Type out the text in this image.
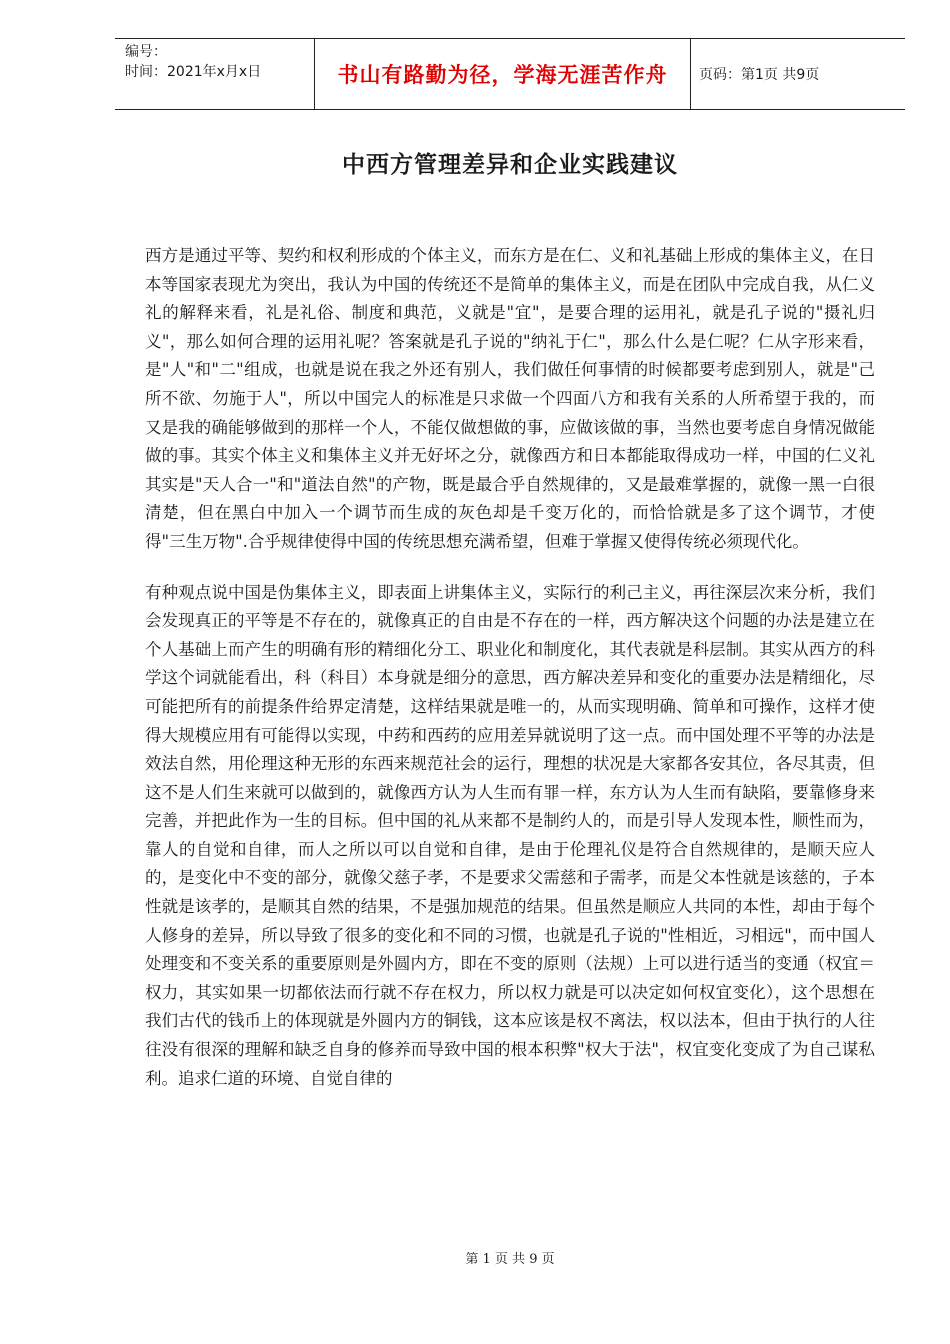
编号：
时间：2021年x月x日	书山有路勤为径，学海无涯苦作舟	页码：第1页 共9页
中西方管理差异和企业实践建议

西方是通过平等、契约和权利形成的个体主义，而东方是在仁、义和礼基础上形成的集体主义，在日本等国家表现尤为突出，我认为中国的传统还不是简单的集体主义，而是在团队中完成自我，从仁义礼的解释来看，礼是礼俗、制度和典范，义就是"宜"，是要合理的运用礼，就是孔子说的"摄礼归义"，那么如何合理的运用礼呢？答案就是孔子说的"纳礼于仁"，那么什么是仁呢？仁从字形来看，是"人"和"二"组成，也就是说在我之外还有别人，我们做任何事情的时候都要考虑到别人，就是"己所不欲、勿施于人"，所以中国完人的标准是只求做一个四面八方和我有关系的人所希望于我的，而又是我的确能够做到的那样一个人，不能仅做想做的事，应做该做的事，当然也要考虑自身情况做能做的事。其实个体主义和集体主义并无好坏之分，就像西方和日本都能取得成功一样，中国的仁义礼其实是"天人合一"和"道法自然"的产物，既是最合乎自然规律的，又是最难掌握的，就像一黑一白很清楚，但在黑白中加入一个调节而生成的灰色却是千变万化的，而恰恰就是多了这个调节，才使得"三生万物".合乎规律使得中国的传统思想充满希望，但难于掌握又使得传统必须现代化。

有种观点说中国是伪集体主义，即表面上讲集体主义，实际行的利己主义，再往深层次来分析，我们会发现真正的平等是不存在的，就像真正的自由是不存在的一样，西方解决这个问题的办法是建立在个人基础上而产生的明确有形的精细化分工、职业化和制度化，其代表就是科层制。其实从西方的科学这个词就能看出，科（科目）本身就是细分的意思，西方解决差异和变化的重要办法是精细化，尽可能把所有的前提条件给界定清楚，这样结果就是唯一的，从而实现明确、简单和可操作，这样才使得大规模应用有可能得以实现，中药和西药的应用差异就说明了这一点。而中国处理不平等的办法是效法自然，用伦理这种无形的东西来规范社会的运行，理想的状况是大家都各安其位，各尽其责，但这不是人们生来就可以做到的，就像西方认为人生而有罪一样，东方认为人生而有缺陷，要靠修身来完善，并把此作为一生的目标。但中国的礼从来都不是制约人的，而是引导人发现本性，顺性而为，靠人的自觉和自律，而人之所以可以自觉和自律，是由于伦理礼仪是符合自然规律的，是顺天应人的，是变化中不变的部分，就像父慈子孝，不是要求父需慈和子需孝，而是父本性就是该慈的，子本性就是该孝的，是顺其自然的结果，不是强加规范的结果。但虽然是顺应人共同的本性，却由于每个人修身的差异，所以导致了很多的变化和不同的习惯，也就是孔子说的"性相近，习相远"，而中国人处理变和不变关系的重要原则是外圆内方，即在不变的原则（法规）上可以进行适当的变通（权宜＝权力，其实如果一切都依法而行就不存在权力，所以权力就是可以决定如何权宜变化），这个思想在我们古代的钱币上的体现就是外圆内方的铜钱，这本应该是权不离法，权以法本，但由于执行的人往往没有很深的理解和缺乏自身的修养而导致中国的根本积弊"权大于法"，权宜变化变成了为自己谋私利。追求仁道的环境、自觉自律的

第 1 页 共 9 页
